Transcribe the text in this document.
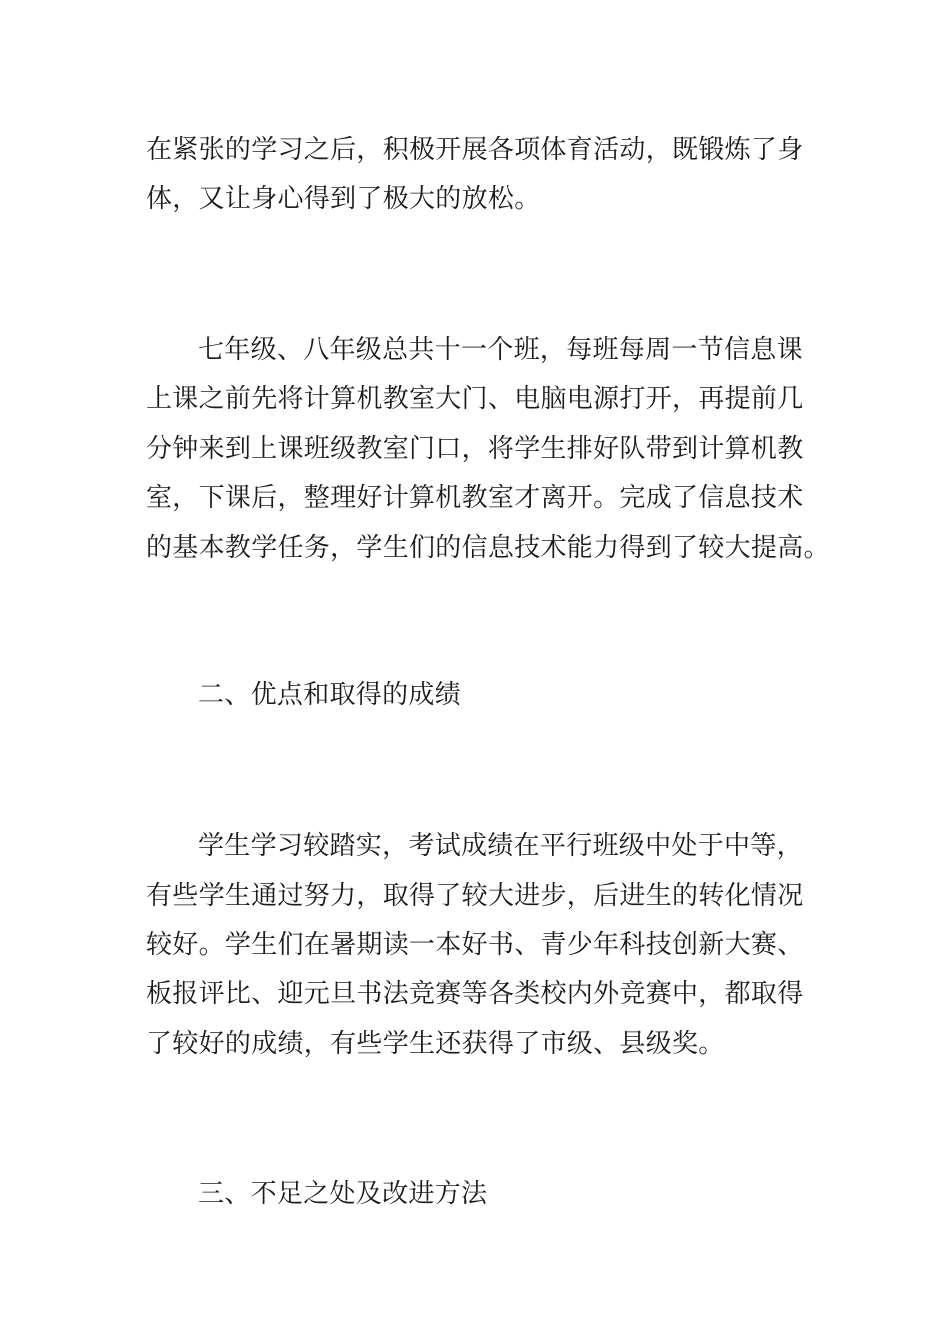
在紧张的学习之后，积极开展各项体育活动，既锻炼了身
体，又让身心得到了极大的放松。
七年级、八年级总共十一个班，每班每周一节信息课
上课之前先将计算机教室大门、电脑电源打开，再提前几
分钟来到上课班级教室门口，将学生排好队带到计算机教
室，下课后，整理好计算机教室才离开。完成了信息技术
的基本教学任务，学生们的信息技术能力得到了较大提高。
二、优点和取得的成绩
学生学习较踏实，考试成绩在平行班级中处于中等，
有些学生通过努力，取得了较大进步，后进生的转化情况
较好。学生们在暑期读一本好书、青少年科技创新大赛、
板报评比、迎元旦书法竞赛等各类校内外竞赛中，都取得
了较好的成绩，有些学生还获得了市级、县级奖。
三、不足之处及改进方法
